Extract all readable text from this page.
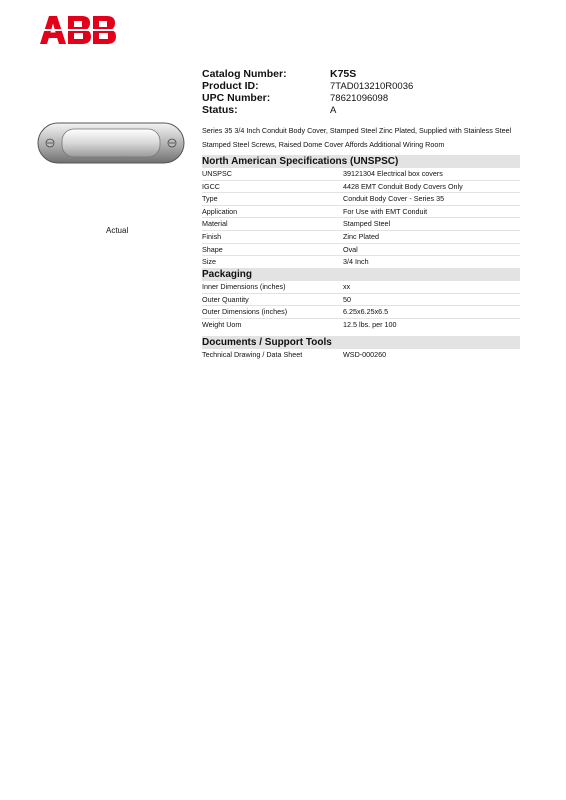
Catalog Number:	K75S
Product ID:	7TAD013210R0036
UPC Number:	78621096098
Status:	A
Actual
Series 35 3/4 Inch Conduit Body Cover, Stamped Steel Zinc Plated, Supplied with Stainless Steel Stamped Steel Screws, Raised Dome Cover Affords Additional Wiring Room
North American Specifications (UNSPSC)
UNSPSC	39121304 Electrical box covers
IGCC	4428 EMT Conduit Body Covers Only
Type	Conduit Body Cover - Series 35
Application	For Use with EMT Conduit
Material	Stamped Steel
Finish	Zinc Plated
Shape	Oval
Size	3/4 Inch
Packaging
Inner Dimensions (inches)	xx
Outer Quantity	50
Outer Dimensions (inches)	6.25x6.25x6.5
Weight Uom	12.5 lbs. per 100
Documents / Support Tools
Technical Drawing / Data Sheet	WSD-000260
